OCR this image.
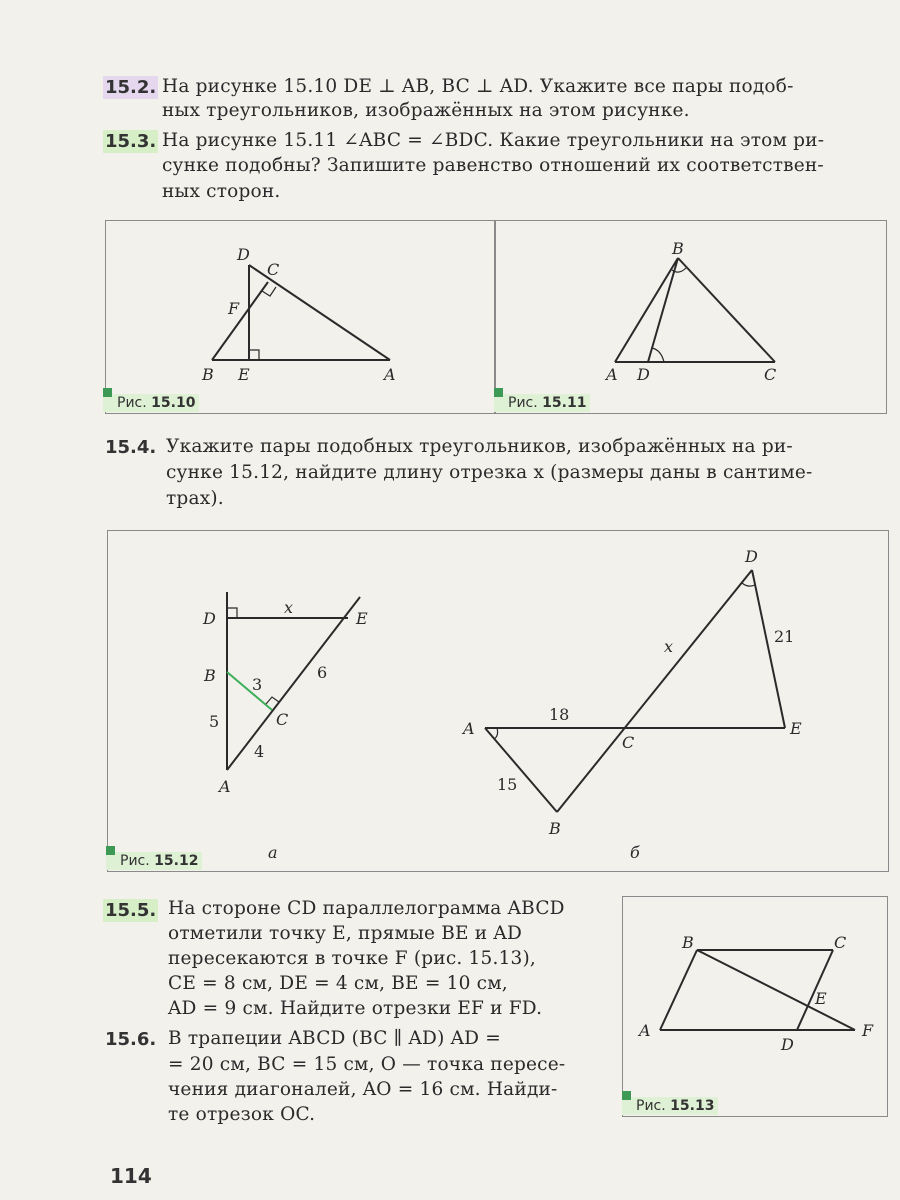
15.2. На рисунке 15.10 DE ⊥ AB, BC ⊥ AD. Укажите все пары подоб-
ных треугольников, изображённых на этом рисунке.
15.3. На рисунке 15.11 ∠ABC = ∠BDC. Какие треугольники на этом ри-
сунке подобны? Запишите равенство отношений их соответствен-
ных сторон.
Рис. 15.10	Рис. 15.11
15.4. Укажите пары подобных треугольников, изображённых на ри-
сунке 15.12, найдите длину отрезка x (размеры даны в сантиме-
трах).
Рис. 15.12
15.5. На стороне CD параллелограмма ABCD
отметили точку E, прямые BE и AD
пересекаются в точке F (рис. 15.13),
CE = 8 см, DE = 4 см, BE = 10 см,
AD = 9 см. Найдите отрезки EF и FD.
15.6. В трапеции ABCD (BC ∥ AD) AD =
= 20 см, BC = 15 см, O — точка пересе-
чения диагоналей, AO = 16 см. Найди-
те отрезок OC.	Рис. 15.13
114
D
C
F
B E	A
B
A D	C
D
x
E
B 3
6
5	C
4
A
а
D
x
21
A
18
C
E
15
B
б
B	C
E
A
D
F
